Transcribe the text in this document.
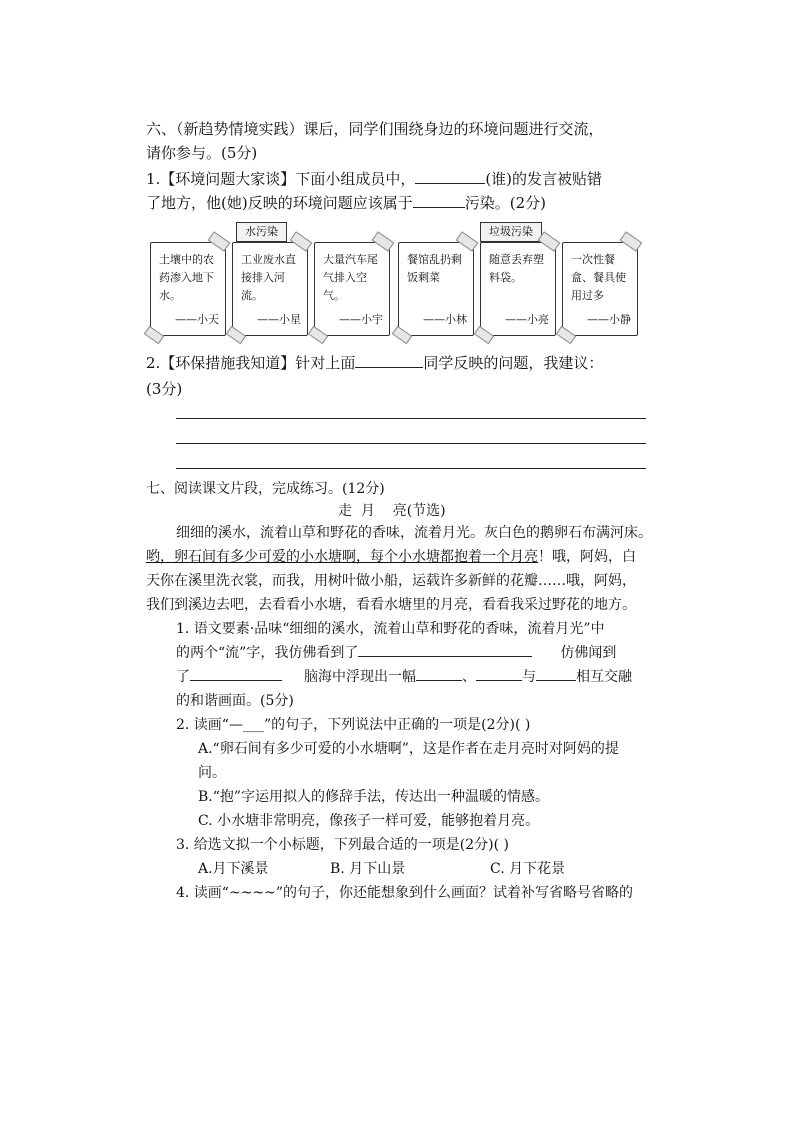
六、（新趋势情境实践）课后，同学们围绕身边的环境问题进行交流，
请你参与。(5分)
1.【环境问题大家谈】下面小组成员中，	(谁)的发言被贴错
了地方，他(她)反映的环境问题应该属于	污染。(2分)
水污染	垃圾污染
土壤中的农药渗入地下水。
——小天
工业废水直接排入河流。
——小星
大量汽车尾气排入空气。
——小宇
餐馆乱扔剩饭剩菜
——小林
随意丢弃塑料袋。
——小亮
一次性餐盒、餐具使用过多
——小静
2.【环保措施我知道】针对上面	同学反映的问题，我建议：
(3分)
七、阅读课文片段，完成练习。(12分)
走  月    亮(节选)
细细的溪水，流着山草和野花的香味，流着月光。灰白色的鹅卵石布满河床。
哟，卵石间有多少可爱的小水塘啊，每个小水塘都抱着一个月亮！哦，阿妈，白
天你在溪里洗衣裳，而我，用树叶做小船，运载许多新鲜的花瓣……哦，阿妈，
我们到溪边去吧，去看看小水塘，看看水塘里的月亮，看看我采过野花的地方。
1. 语文要素·品味“细细的溪水，流着山草和野花的香味，流着月光”中
的两个“流”字，我仿佛看到了	仿佛闻到
了	脑海中浮现出一幅	、	与	相互交融
的和谐画面。(5分)
2. 读画“—___”的句子，下列说法中正确的一项是(2分)( )
A.“卵石间有多少可爱的小水塘啊”，这是作者在走月亮时对阿妈的提
问。
B.“抱”字运用拟人的修辞手法，传达出一种温暖的情感。
C. 小水塘非常明亮，像孩子一样可爱，能够抱着月亮。
3. 给选文拟一个小标题，下列最合适的一项是(2分)( )
A.月下溪景	B. 月下山景	C. 月下花景
4. 读画“~~~~”的句子，你还能想象到什么画面？试着补写省略号省略的
